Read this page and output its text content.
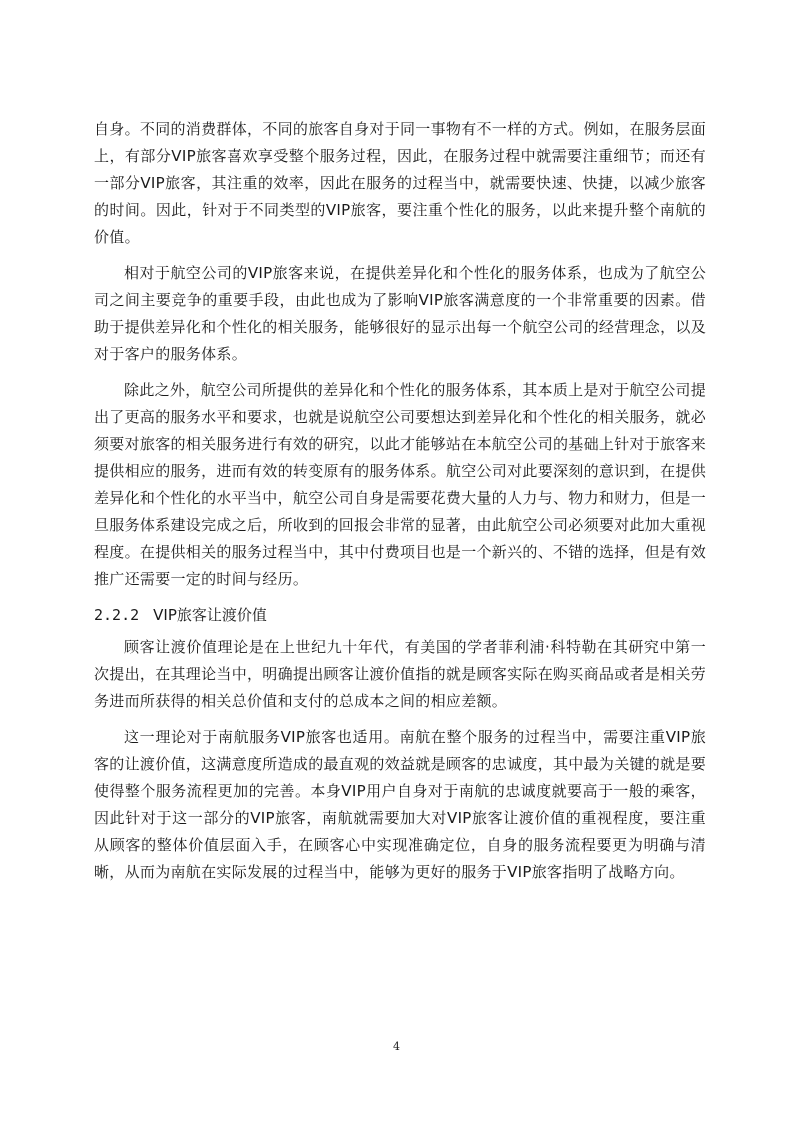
自身。不同的消费群体，不同的旅客自身对于同一事物有不一样的方式。例如，在服务层面上，有部分VIP旅客喜欢享受整个服务过程，因此，在服务过程中就需要注重细节；而还有一部分VIP旅客，其注重的效率，因此在服务的过程当中，就需要快速、快捷，以减少旅客的时间。因此，针对于不同类型的VIP旅客，要注重个性化的服务，以此来提升整个南航的价值。

相对于航空公司的VIP旅客来说，在提供差异化和个性化的服务体系，也成为了航空公司之间主要竞争的重要手段，由此也成为了影响VIP旅客满意度的一个非常重要的因素。借助于提供差异化和个性化的相关服务，能够很好的显示出每一个航空公司的经营理念，以及对于客户的服务体系。

除此之外，航空公司所提供的差异化和个性化的服务体系，其本质上是对于航空公司提出了更高的服务水平和要求，也就是说航空公司要想达到差异化和个性化的相关服务，就必须要对旅客的相关服务进行有效的研究，以此才能够站在本航空公司的基础上针对于旅客来提供相应的服务，进而有效的转变原有的服务体系。航空公司对此要深刻的意识到，在提供差异化和个性化的水平当中，航空公司自身是需要花费大量的人力与、物力和财力，但是一旦服务体系建设完成之后，所收到的回报会非常的显著，由此航空公司必须要对此加大重视程度。在提供相关的服务过程当中，其中付费项目也是一个新兴的、不错的选择，但是有效推广还需要一定的时间与经历。

2.2.2 VIP旅客让渡价值

顾客让渡价值理论是在上世纪九十年代，有美国的学者菲利浦·科特勒在其研究中第一次提出，在其理论当中，明确提出顾客让渡价值指的就是顾客实际在购买商品或者是相关劳务进而所获得的相关总价值和支付的总成本之间的相应差额。

这一理论对于南航服务VIP旅客也适用。南航在整个服务的过程当中，需要注重VIP旅客的让渡价值，这满意度所造成的最直观的效益就是顾客的忠诚度，其中最为关键的就是要使得整个服务流程更加的完善。本身VIP用户自身对于南航的忠诚度就要高于一般的乘客，因此针对于这一部分的VIP旅客，南航就需要加大对VIP旅客让渡价值的重视程度，要注重从顾客的整体价值层面入手，在顾客心中实现准确定位，自身的服务流程要更为明确与清晰，从而为南航在实际发展的过程当中，能够为更好的服务于VIP旅客指明了战略方向。

4
